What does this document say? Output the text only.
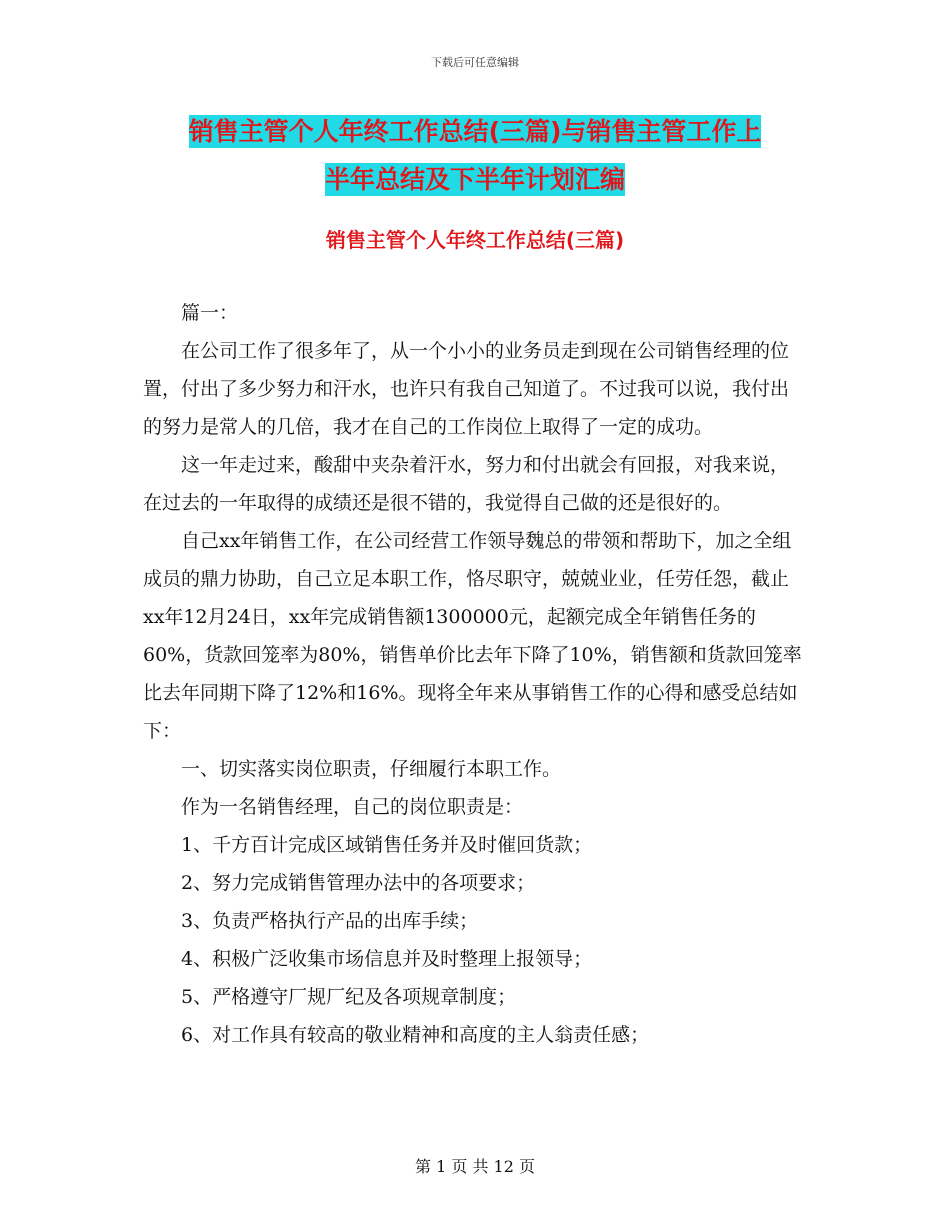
下载后可任意编辑
销售主管个人年终工作总结(三篇)与销售主管工作上
半年总结及下半年计划汇编
销售主管个人年终工作总结(三篇)

篇一：

在公司工作了很多年了，从一个小小的业务员走到现在公司销售经理的位置，付出了多少努力和汗水，也许只有我自己知道了。不过我可以说，我付出的努力是常人的几倍，我才在自己的工作岗位上取得了一定的成功。

这一年走过来，酸甜中夹杂着汗水，努力和付出就会有回报，对我来说，在过去的一年取得的成绩还是很不错的，我觉得自己做的还是很好的。

自己xx年销售工作，在公司经营工作领导魏总的带领和帮助下，加之全组成员的鼎力协助，自己立足本职工作，恪尽职守，兢兢业业，任劳任怨，截止xx年12月24日，xx年完成销售额1300000元，起额完成全年销售任务的60%，货款回笼率为80%，销售单价比去年下降了10%，销售额和货款回笼率比去年同期下降了12%和16%。现将全年来从事销售工作的心得和感受总结如下：

一、切实落实岗位职责，仔细履行本职工作。

作为一名销售经理，自己的岗位职责是：

1、千方百计完成区域销售任务并及时催回货款；

2、努力完成销售管理办法中的各项要求；

3、负责严格执行产品的出库手续；

4、积极广泛收集市场信息并及时整理上报领导；

5、严格遵守厂规厂纪及各项规章制度；

6、对工作具有较高的敬业精神和高度的主人翁责任感；

第 1 页 共 12 页
